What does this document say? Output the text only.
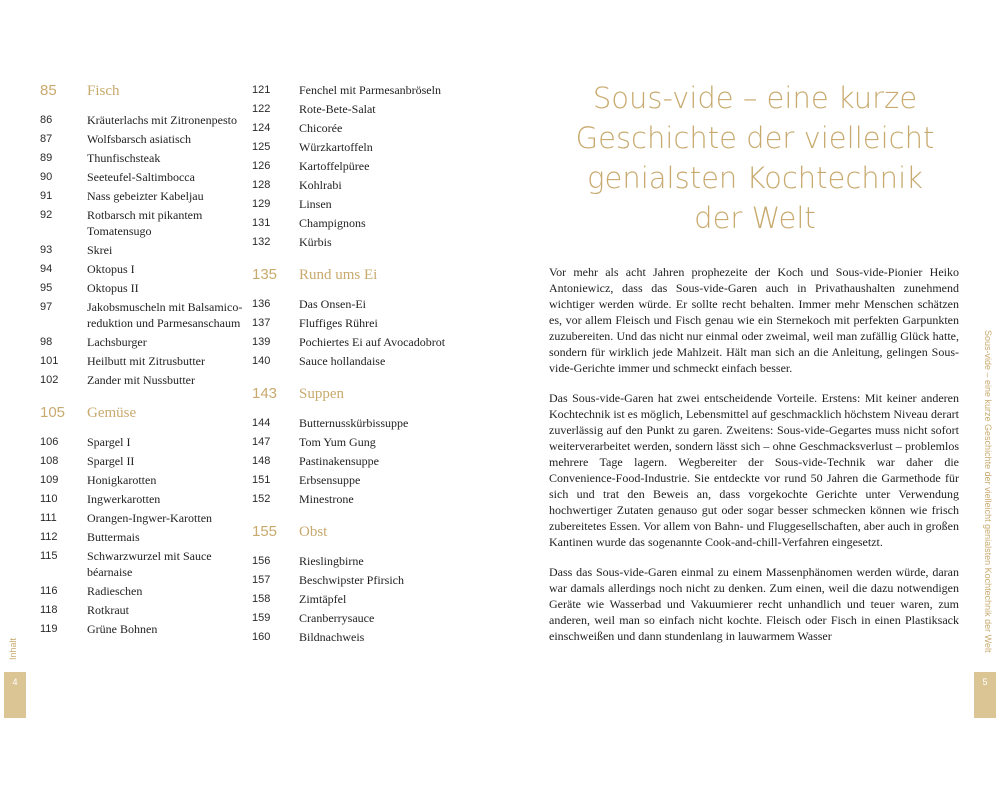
85	Fisch
86	Kräuterlachs mit Zitronenpesto
87	Wolfsbarsch asiatisch
89	Thunfischsteak
90	Seeteufel-Saltimbocca
91	Nass gebeizter Kabeljau
92	Rotbarsch mit pikantem Tomatensugo
93	Skrei
94	Oktopus I
95	Oktopus II
97	Jakobsmuscheln mit Balsamico-reduktion und Parmesanschaum
98	Lachsburger
101	Heilbutt mit Zitrusbutter
102	Zander mit Nussbutter
105	Gemüse
106	Spargel I
108	Spargel II
109	Honigkarotten
110	Ingwerkarotten
111	Orangen-Ingwer-Karotten
112	Buttermais
115	Schwarzwurzel mit Sauce béarnaise
116	Radieschen
118	Rotkraut
119	Grüne Bohnen
121	Fenchel mit Parmesanbröseln
122	Rote-Bete-Salat
124	Chicorée
125	Würzkartoffeln
126	Kartoffelpüree
128	Kohlrabi
129	Linsen
131	Champignons
132	Kürbis
135	Rund ums Ei
136	Das Onsen-Ei
137	Fluffiges Rührei
139	Pochiertes Ei auf Avocadobrot
140	Sauce hollandaise
143	Suppen
144	Butternusskürbissuppe
147	Tom Yum Gung
148	Pastinakensuppe
151	Erbsensuppe
152	Minestrone
155	Obst
156	Rieslingbirne
157	Beschwipster Pfirsich
158	Zimtäpfel
159	Cranberrysauce
160	Bildnachweis
Sous-vide – eine kurze
Geschichte der vielleicht
genialsten Kochtechnik
der Welt

Vor mehr als acht Jahren prophezeite der Koch und Sous-vide-Pionier Heiko Antoniewicz, dass das Sous-vide-Garen auch in Privathaushalten zunehmend wichtiger werden würde. Er sollte recht behalten. Immer mehr Menschen schätzen es, vor allem Fleisch und Fisch genau wie ein Sternekoch mit perfekten Garpunkten zuzubereiten. Und das nicht nur einmal oder zweimal, weil man zufällig Glück hatte, sondern für wirklich jede Mahlzeit. Hält man sich an die Anleitung, gelingen Sous-vide-Gerichte immer und schmeckt einfach besser.

Das Sous-vide-Garen hat zwei entscheidende Vorteile. Erstens: Mit keiner anderen Kochtechnik ist es möglich, Lebensmittel auf geschmacklich höchstem Niveau derart zuverlässig auf den Punkt zu garen. Zweitens: Sous-vide-Gegartes muss nicht sofort weiterverarbeitet werden, sondern lässt sich – ohne Geschmacksverlust – problemlos mehrere Tage lagern. Wegbereiter der Sous-vide-Technik war daher die Convenience-Food-Industrie. Sie entdeckte vor rund 50 Jahren die Garmethode für sich und trat den Beweis an, dass vorgekochte Gerichte unter Verwendung hochwertiger Zutaten genauso gut oder sogar besser schmecken können wie frisch zubereitetes Essen. Vor allem von Bahn- und Fluggesellschaften, aber auch in großen Kantinen wurde das sogenannte Cook-and-chill-Verfahren eingesetzt.

Dass das Sous-vide-Garen einmal zu einem Massenphänomen werden würde, daran war damals allerdings noch nicht zu denken. Zum einen, weil die dazu notwendigen Geräte wie Wasserbad und Vakuumierer recht unhandlich und teuer waren, zum anderen, weil man so einfach nicht kochte. Fleisch oder Fisch in einen Plastiksack einschweißen und dann stundenlang in lauwarmem Wasser

Inhalt	Sous-vide – eine kurze Geschichte der vielleicht genialsten Kochtechnik der Welt
4	5
